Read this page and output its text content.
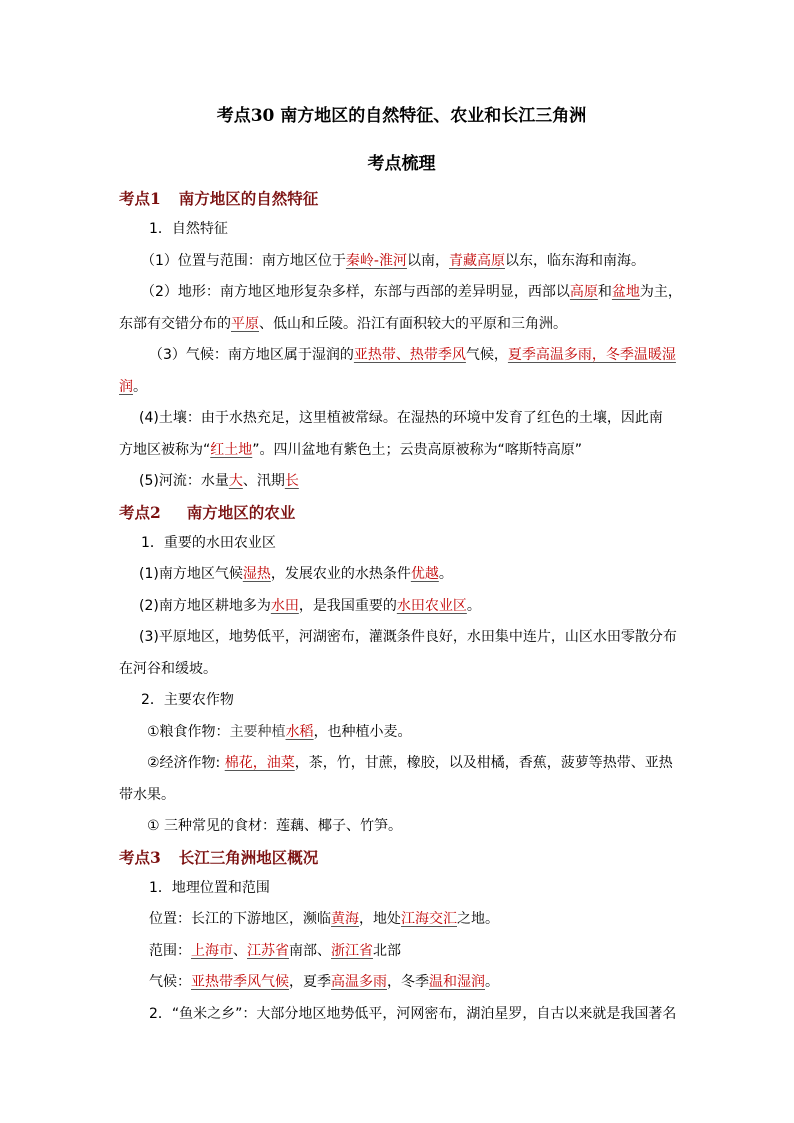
考点30 南方地区的自然特征、农业和长江三角洲
考点梳理
考点1 南方地区的自然特征
1．自然特征
（1）位置与范围：南方地区位于秦岭-淮河以南，青藏高原以东，临东海和南海。
（2）地形：南方地区地形复杂多样，东部与西部的差异明显，西部以高原和盆地为主，
东部有交错分布的平原、低山和丘陵。沿江有面积较大的平原和三角洲。
（3）气候：南方地区属于湿润的亚热带、热带季风气候，夏季高温多雨，冬季温暖湿
润。
(4)土壤：由于水热充足，这里植被常绿。在湿热的环境中发育了红色的土壤，因此南
方地区被称为“红土地”。四川盆地有紫色土；云贵高原被称为“喀斯特高原”
(5)河流：水量大、汛期长
考点2 南方地区的农业
1．重要的水田农业区
(1)南方地区气候湿热，发展农业的水热条件优越。
(2)南方地区耕地多为水田，是我国重要的水田农业区。
(3)平原地区，地势低平，河湖密布，灌溉条件良好，水田集中连片，山区水田零散分布
在河谷和缓坡。
2．主要农作物
①粮食作物：主要种植水稻，也种植小麦。
②经济作物: 棉花，油菜，茶，竹，甘蔗，橡胶，以及柑橘，香蕉，菠萝等热带、亚热
带水果。
① 三种常见的食材：莲藕、椰子、竹笋。
考点3 长江三角洲地区概况
1．地理位置和范围
位置：长江的下游地区，濒临黄海，地处江海交汇之地。
范围：上海市、江苏省南部、浙江省北部
气候：亚热带季风气候，夏季高温多雨，冬季温和湿润。
2．“鱼米之乡”：大部分地区地势低平，河网密布，湖泊星罗，自古以来就是我国著名
